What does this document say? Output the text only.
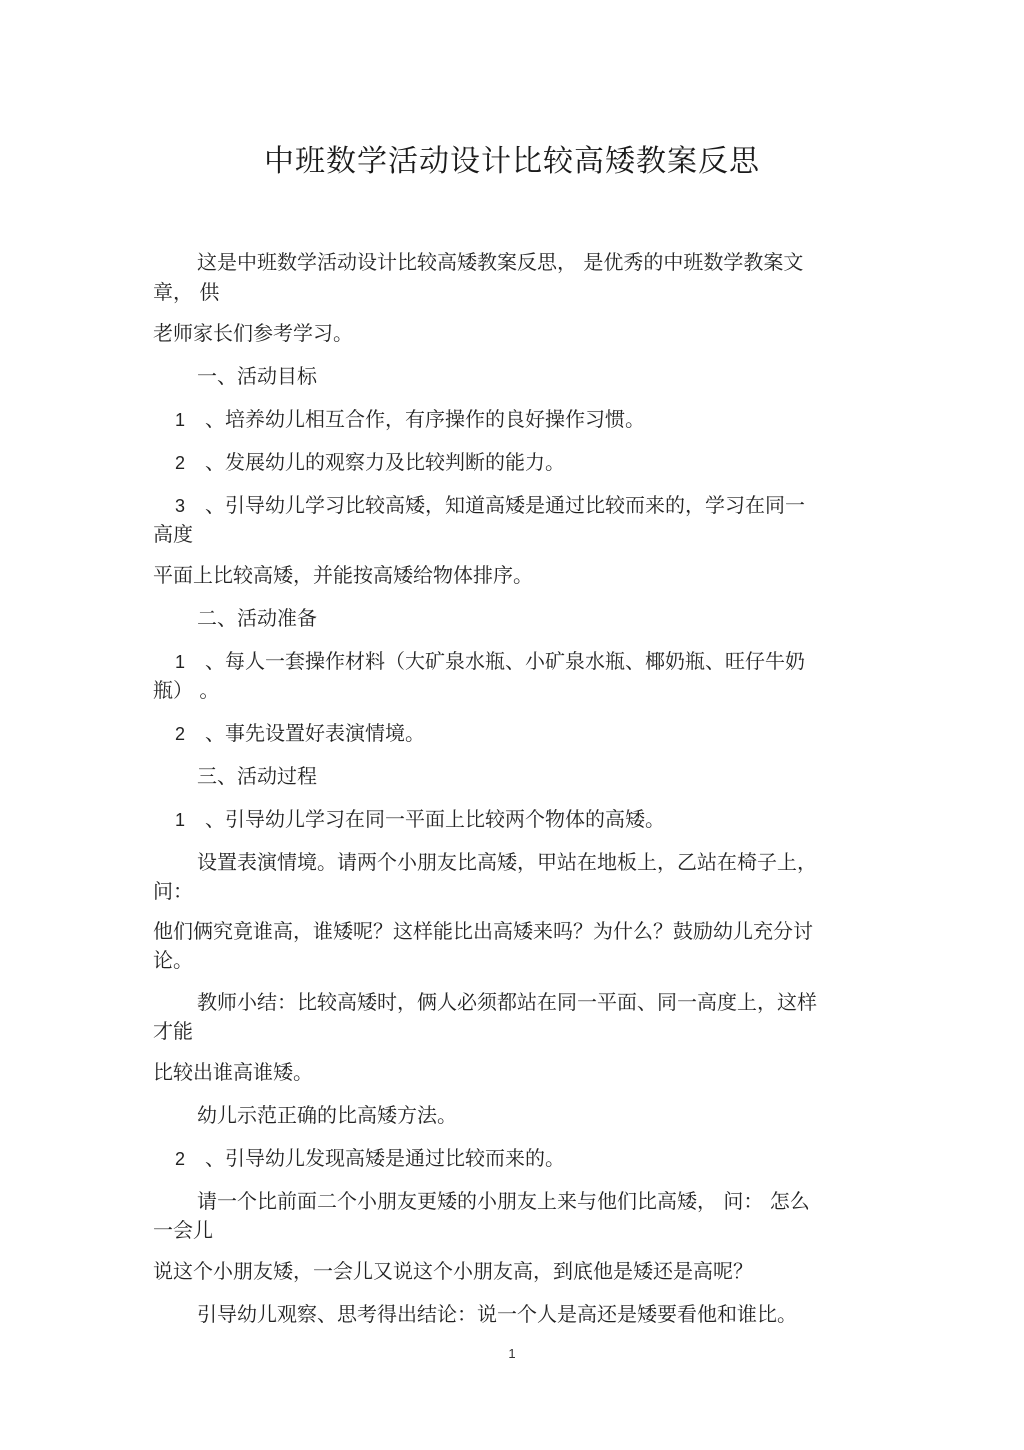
中班数学活动设计比较高矮教案反思
这是中班数学活动设计比较高矮教案反思， 是优秀的中班数学教案文
章， 供
老师家长们参考学习。
一、活动目标
1 、培养幼儿相互合作，有序操作的良好操作习惯。
2 、发展幼儿的观察力及比较判断的能力。
3 、引导幼儿学习比较高矮，知道高矮是通过比较而来的，学习在同一
高度
平面上比较高矮，并能按高矮给物体排序。
二、活动准备
1 、每人一套操作材料（大矿泉水瓶、小矿泉水瓶、椰奶瓶、旺仔牛奶
瓶） 。
2 、事先设置好表演情境。
三、活动过程
1 、引导幼儿学习在同一平面上比较两个物体的高矮。
设置表演情境。请两个小朋友比高矮，甲站在地板上，乙站在椅子上，
问：
他们俩究竟谁高，谁矮呢？这样能比出高矮来吗？为什么？鼓励幼儿充分讨
论。
教师小结：比较高矮时，俩人必须都站在同一平面、同一高度上，这样
才能
比较出谁高谁矮。
幼儿示范正确的比高矮方法。
2 、引导幼儿发现高矮是通过比较而来的。
请一个比前面二个小朋友更矮的小朋友上来与他们比高矮， 问： 怎么
一会儿
说这个小朋友矮，一会儿又说这个小朋友高，到底他是矮还是高呢？
引导幼儿观察、思考得出结论：说一个人是高还是矮要看他和谁比。
1
